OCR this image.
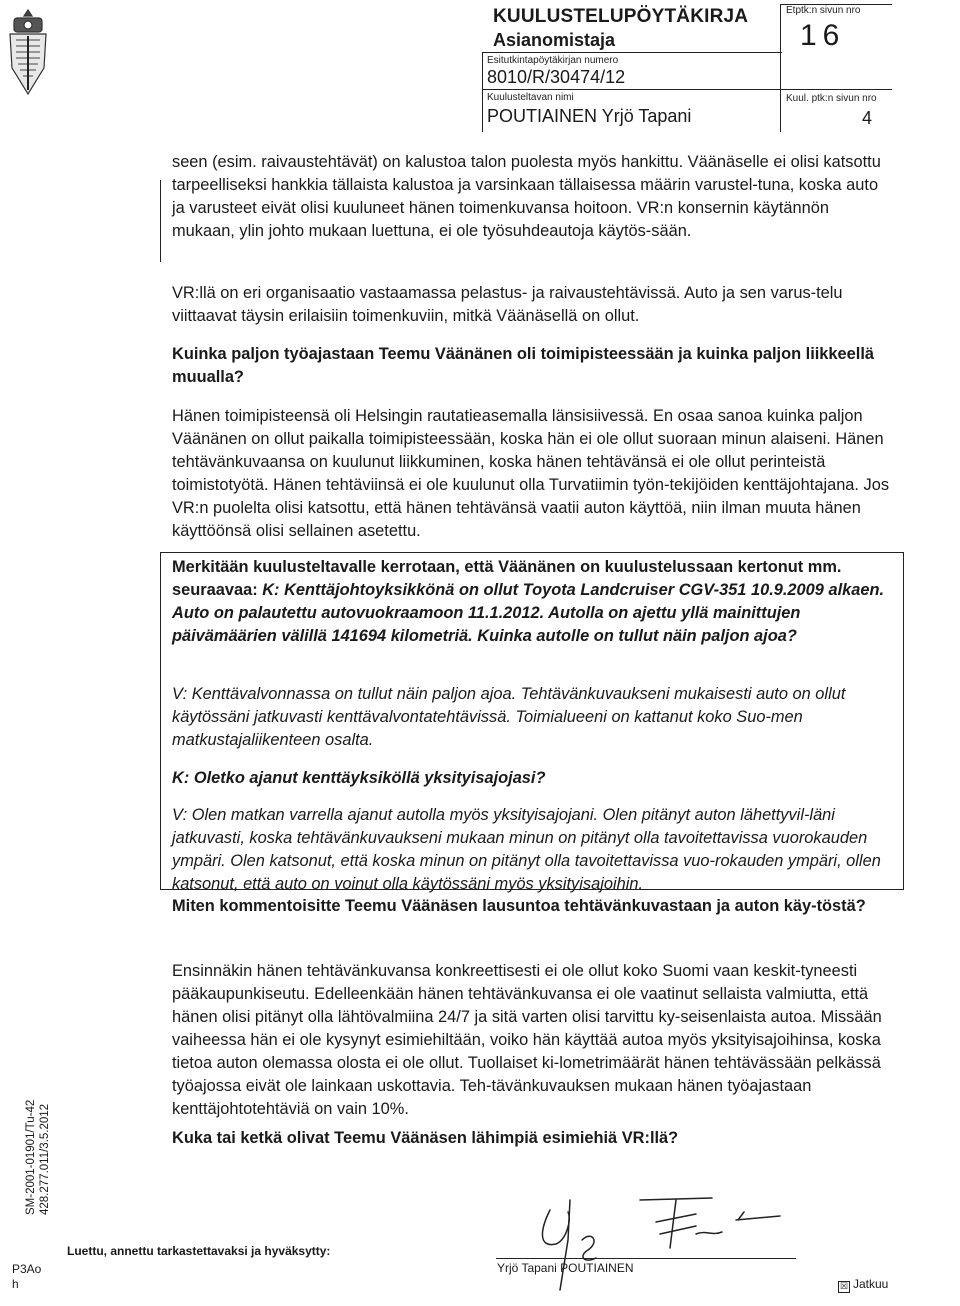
KUULUSTELUPÖYTÄKIRJA
Asianomistaja
Etptk:n sivun nro
16
Esitutkintapöytäkirjan numero
8010/R/30474/12
Kuulusteltavan nimi
POUTIAINEN Yrjö Tapani
Kuul. ptk:n sivun nro
4
seen (esim. raivaustehtävät) on kalustoa talon puolesta myös hankittu. Väänäselle ei olisi katsottu tarpeelliseksi hankkia tällaista kalustoa ja varsinkaan tällaisessa määrin varustel-tuna, koska auto ja varusteet eivät olisi kuuluneet hänen toimenkuvansa hoitoon. VR:n konsernin käytännön mukaan, ylin johto mukaan luettuna, ei ole työsuhdeautoja käytös-sään.
VR:llä on eri organisaatio vastaamassa pelastus- ja raivaustehtävissä. Auto ja sen varus-telu viittaavat täysin erilaisiin toimenkuviin, mitkä Väänäsellä on ollut.
Kuinka paljon työajastaan Teemu Väänänen oli toimipisteessään ja kuinka paljon liikkeellä muualla?
Hänen toimipisteensä oli Helsingin rautatieasemalla länsisiivessä. En osaa sanoa kuinka paljon Väänänen on ollut paikalla toimipisteessään, koska hän ei ole ollut suoraan minun alaiseni. Hänen tehtävänkuvaansa on kuulunut liikkuminen, koska hänen tehtävänsä ei ole ollut perinteistä toimistotyötä. Hänen tehtäviinsä ei ole kuulunut olla Turvatiimin työn-tekijöiden kenttäjohtajana. Jos VR:n puolelta olisi katsottu, että hänen tehtävänsä vaatii auton käyttöä, niin ilman muuta hänen käyttöönsä olisi sellainen asetettu.
Merkitään kuulusteltavalle kerrotaan, että Väänänen on kuulustelussaan kertonut mm. seuraavaa: K: Kenttäjohtoyksikkönä on ollut Toyota Landcruiser CGV-351 10.9.2009 alkaen. Auto on palautettu autovuokraamoon 11.1.2012. Autolla on ajettu yllä mainittujen päivämäärien välillä 141694 kilometriä. Kuinka autolle on tullut näin paljon ajoa?
V: Kenttävalvonnassa on tullut näin paljon ajoa. Tehtävänkuvaukseni mukaisesti auto on ollut käytössäni jatkuvasti kenttävalvontatehtävissä. Toimialueeni on kattanut koko Suo-men matkustajaliikenteen osalta.
K: Oletko ajanut kenttäyksiköllä yksityisajojasi?
V: Olen matkan varrella ajanut autolla myös yksityisajojani. Olen pitänyt auton lähettyvil-läni jatkuvasti, koska tehtävänkuvaukseni mukaan minun on pitänyt olla tavoitettavissa vuorokauden ympäri. Olen katsonut, että koska minun on pitänyt olla tavoitettavissa vuo-rokauden ympäri, ollen katsonut, että auto on voinut olla käytössäni myös yksityisajoihin.
Miten kommentoisitte Teemu Väänäsen lausuntoa tehtävänkuvastaan ja auton käy-töstä?
Ensinnäkin hänen tehtävänkuvansa konkreettisesti ei ole ollut koko Suomi vaan keskit-tyneesti pääkaupunkiseutu. Edelleenkään hänen tehtävänkuvansa ei ole vaatinut sellaista valmiutta, että hänen olisi pitänyt olla lähtövalmiina 24/7 ja sitä varten olisi tarvittu ky-seisenlaista autoa. Missään vaiheessa hän ei ole kysynyt esimiehiltään, voiko hän käyttää autoa myös yksityisajoihinsa, koska tietoa auton olemassa olosta ei ole ollut. Tuollaiset ki-lometrimäärät hänen tehtävässään pelkässä työajossa eivät ole lainkaan uskottavia. Teh-tävänkuvauksen mukaan hänen työajastaan kenttäjohtotehtäviä on vain 10%.
Kuka tai ketkä olivat Teemu Väänäsen lähimpiä esimiehiä VR:llä?
SM-2001-01901/Tu-42 428.277.011/3.5.2012
Luettu, annettu tarkastettavaksi ja hyväksytty:
Yrjö Tapani POUTIAINEN
P3Ao
h	☒ Jatkuu
